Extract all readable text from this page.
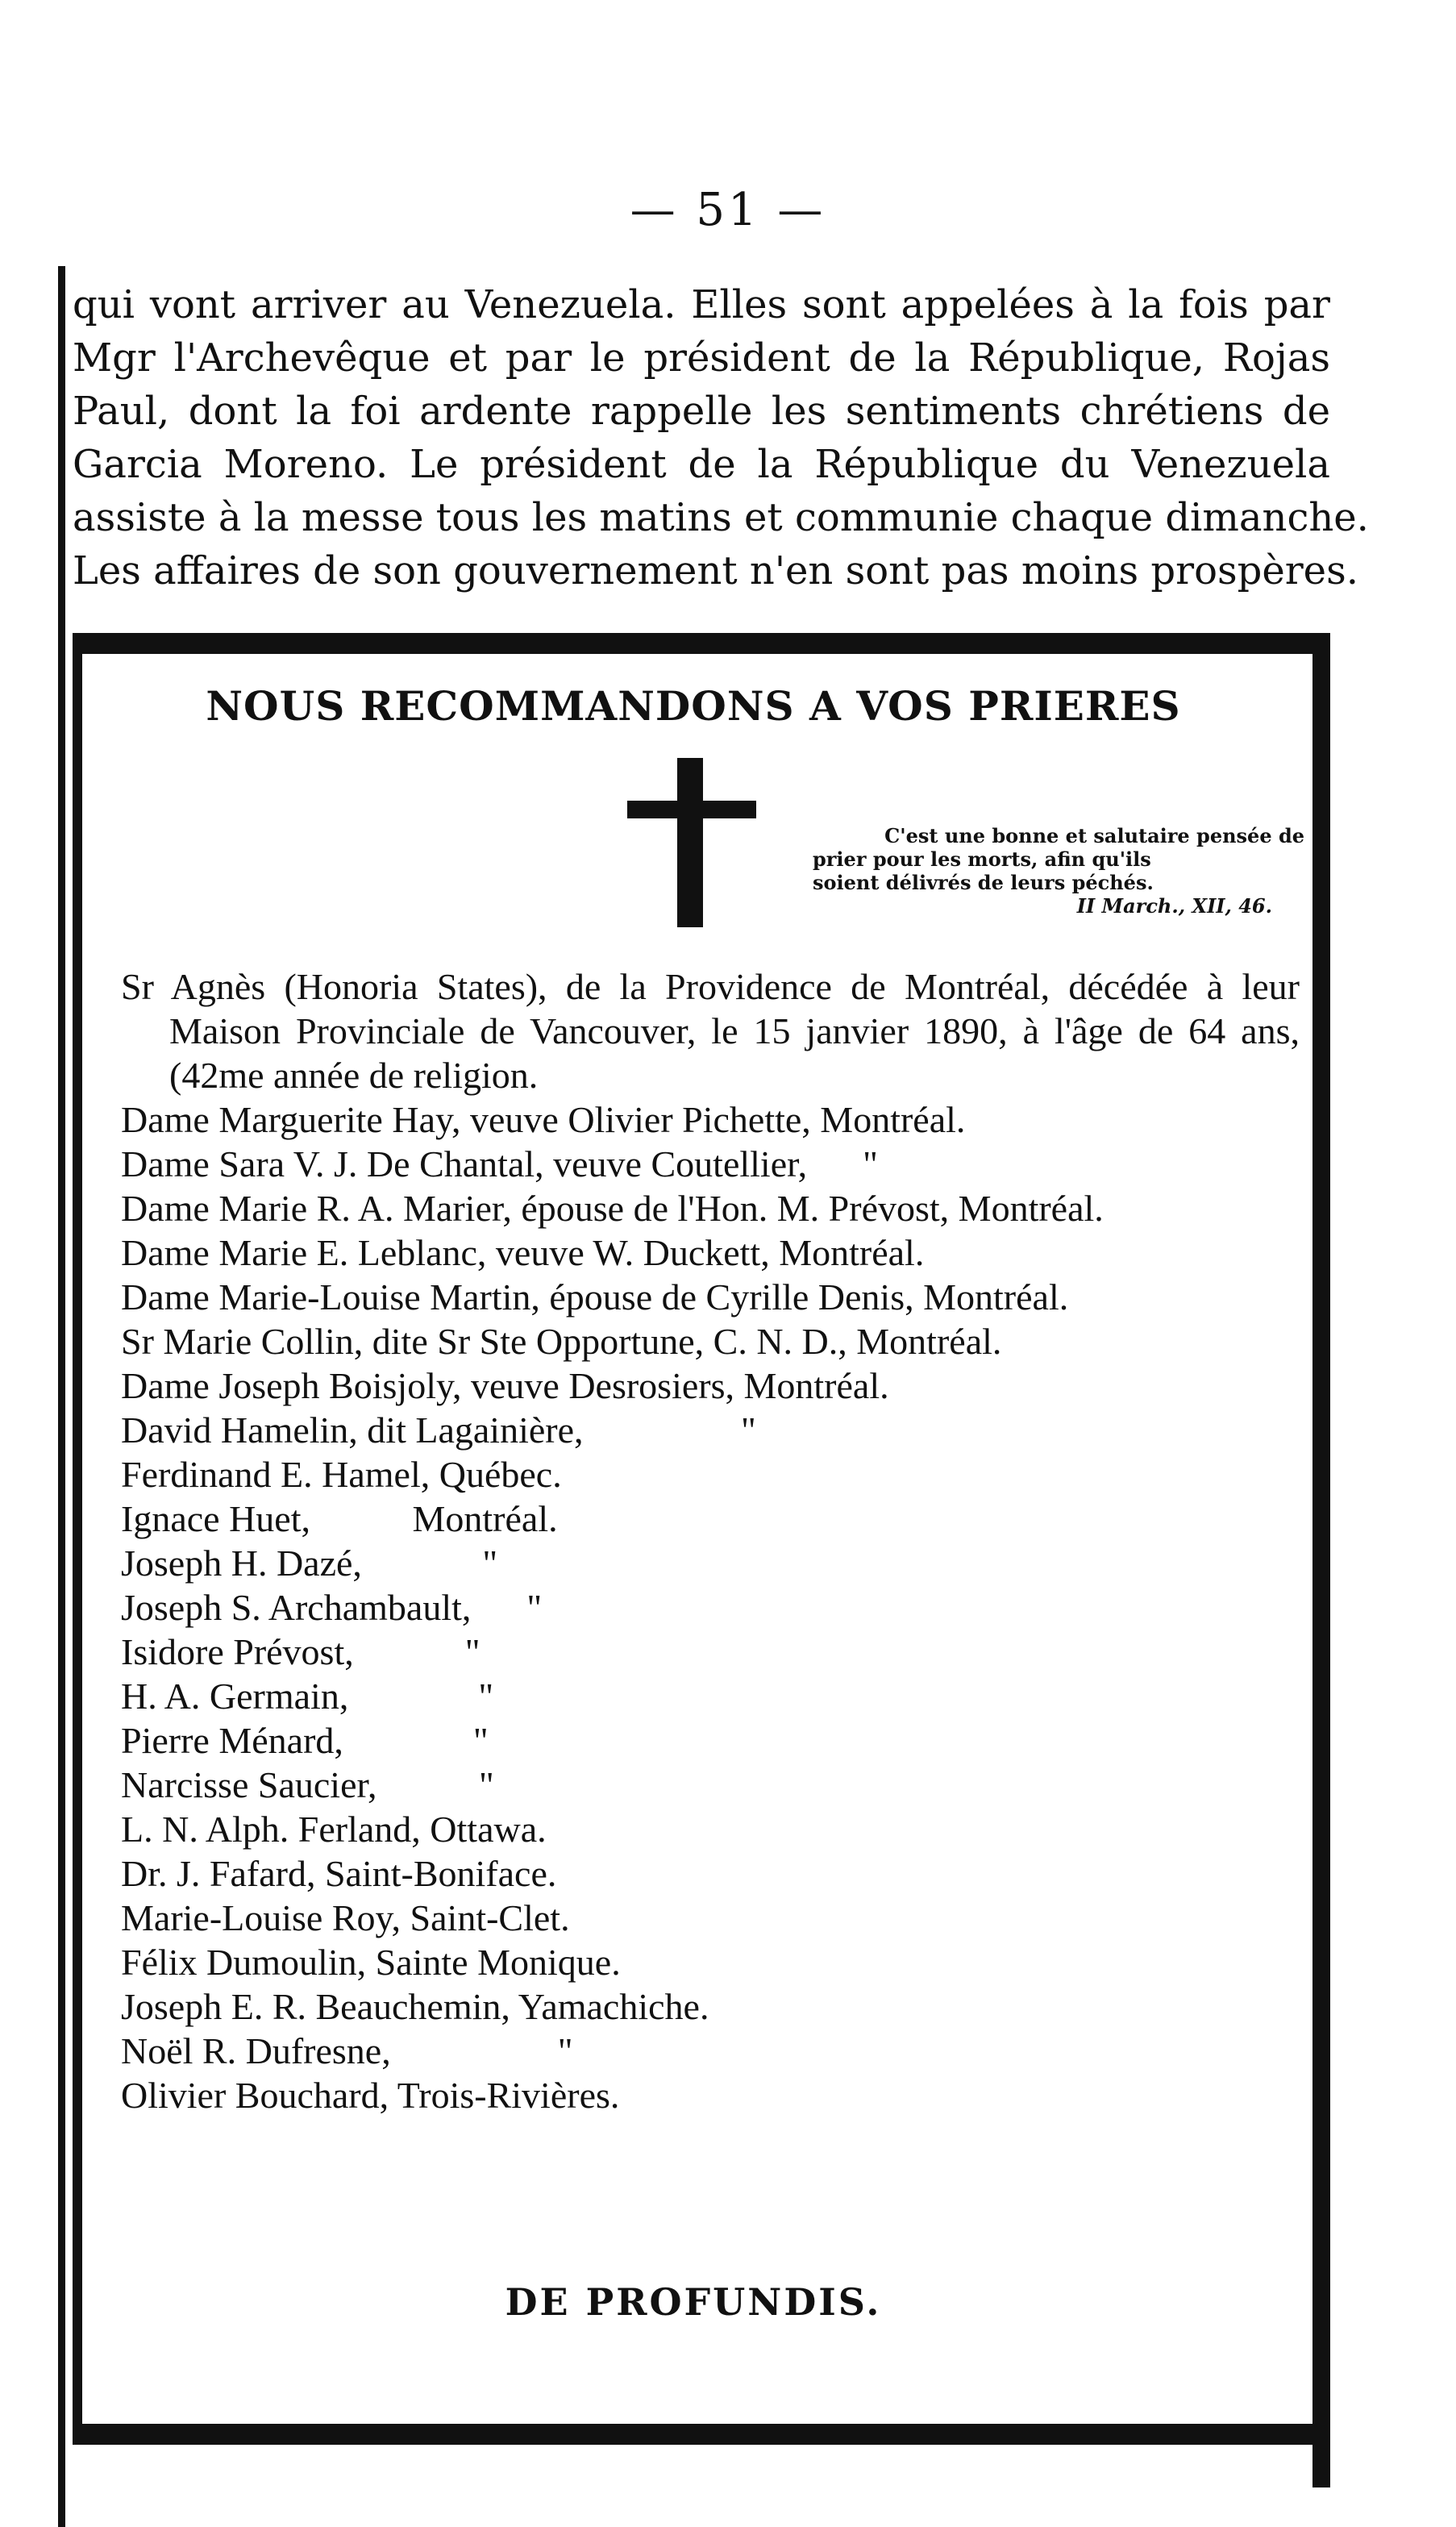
— 51 —
qui vont arriver au Venezuela. Elles sont appelées à la fois par
Mgr l'Archevêque et par le président de la République, Rojas
Paul, dont la foi ardente rappelle les sentiments chrétiens de
Garcia Moreno. Le président de la République du Venezuela
assiste à la messe tous les matins et communie chaque dimanche.
Les affaires de son gouvernement n'en sont pas moins prospères.
NOUS RECOMMANDONS A VOS PRIERES
C'est une bonne et salutaire pensée de
prier pour les morts, afin qu'ils
soient délivrés de leurs péchés.
II March., XII, 46.

Sr Agnès (Honoria States), de la Providence de Montréal, décédée à leur Maison Provinciale de Vancouver, le 15 janvier 1890, à l'âge de 64 ans, (42me année de religion.

Dame Marguerite Hay, veuve Olivier Pichette, Montréal.

Dame Sara V. J. De Chantal, veuve Coutellier,      "

Dame Marie R. A. Marier, épouse de l'Hon. M. Prévost, Montréal.

Dame Marie E. Leblanc, veuve W. Duckett, Montréal.

Dame Marie-Louise Martin, épouse de Cyrille Denis, Montréal.

Sr Marie Collin, dite Sr Ste Opportune, C. N. D., Montréal.

Dame Joseph Boisjoly, veuve Desrosiers, Montréal.

David Hamelin, dit Lagainière,                 "

Ferdinand E. Hamel, Québec.

Ignace Huet,           Montréal.

Joseph H. Dazé,             "

Joseph S. Archambault,      "

Isidore Prévost,            "

H. A. Germain,              "

Pierre Ménard,              "

Narcisse Saucier,           "

L. N. Alph. Ferland, Ottawa.

Dr. J. Fafard, Saint-Boniface.

Marie-Louise Roy, Saint-Clet.

Félix Dumoulin, Sainte Monique.

Joseph E. R. Beauchemin, Yamachiche.

Noël R. Dufresne,                  "

Olivier Bouchard, Trois-Rivières.

DE PROFUNDIS.
